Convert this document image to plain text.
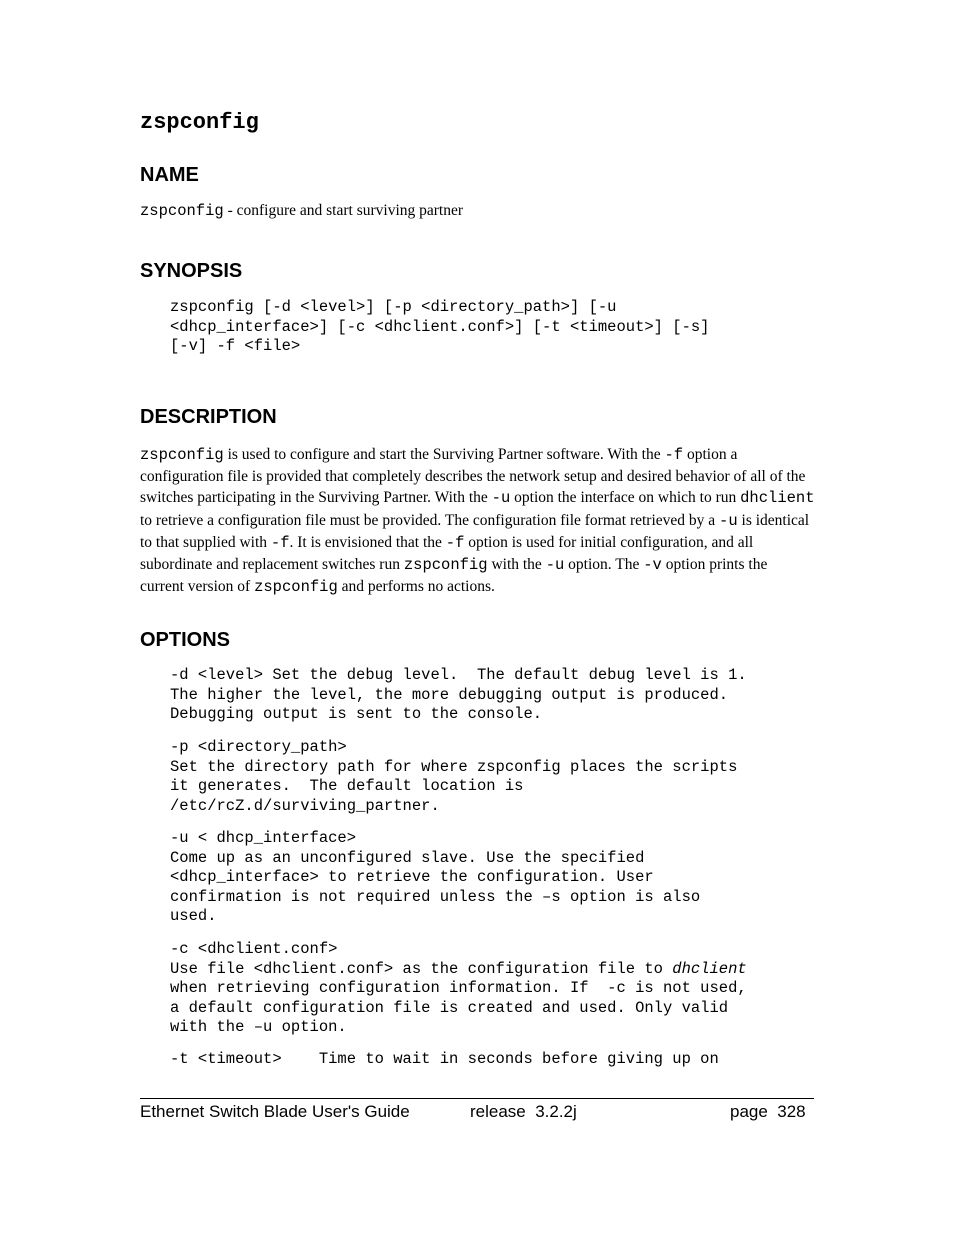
zspconfig
NAME

zspconfig - configure and start surviving partner

SYNOPSIS
zspconfig [-d <level>] [-p <directory_path>] [-u
<dhcp_interface>] [-c <dhclient.conf>] [-t <timeout>] [-s]
[-v] -f <file>
DESCRIPTION

zspconfig is used to configure and start the Surviving Partner software. With the -f option a configuration file is provided that completely describes the network setup and desired behavior of all of the switches participating in the Surviving Partner. With the -u option the interface on which to run dhclient to retrieve a configuration file must be provided. The configuration file format retrieved by a -u is identical to that supplied with -f. It is envisioned that the -f option is used for initial configuration, and all subordinate and replacement switches run zspconfig with the -u option. The -v option prints the current version of zspconfig and performs no actions.

OPTIONS
-d <level> Set the debug level.  The default debug level is 1.
The higher the level, the more debugging output is produced.
Debugging output is sent to the console.
-p <directory_path>
Set the directory path for where zspconfig places the scripts
it generates.  The default location is
/etc/rcZ.d/surviving_partner.
-u < dhcp_interface>
Come up as an unconfigured slave. Use the specified
<dhcp_interface> to retrieve the configuration. User
confirmation is not required unless the –s option is also
used.
-c <dhclient.conf>
Use file <dhclient.conf> as the configuration file to dhclient
when retrieving configuration information. If  -c is not used,
a default configuration file is created and used. Only valid
with the –u option.
-t <timeout>    Time to wait in seconds before giving up on

Ethernet Switch Blade User's Guide	release  3.2.2j	page  328
